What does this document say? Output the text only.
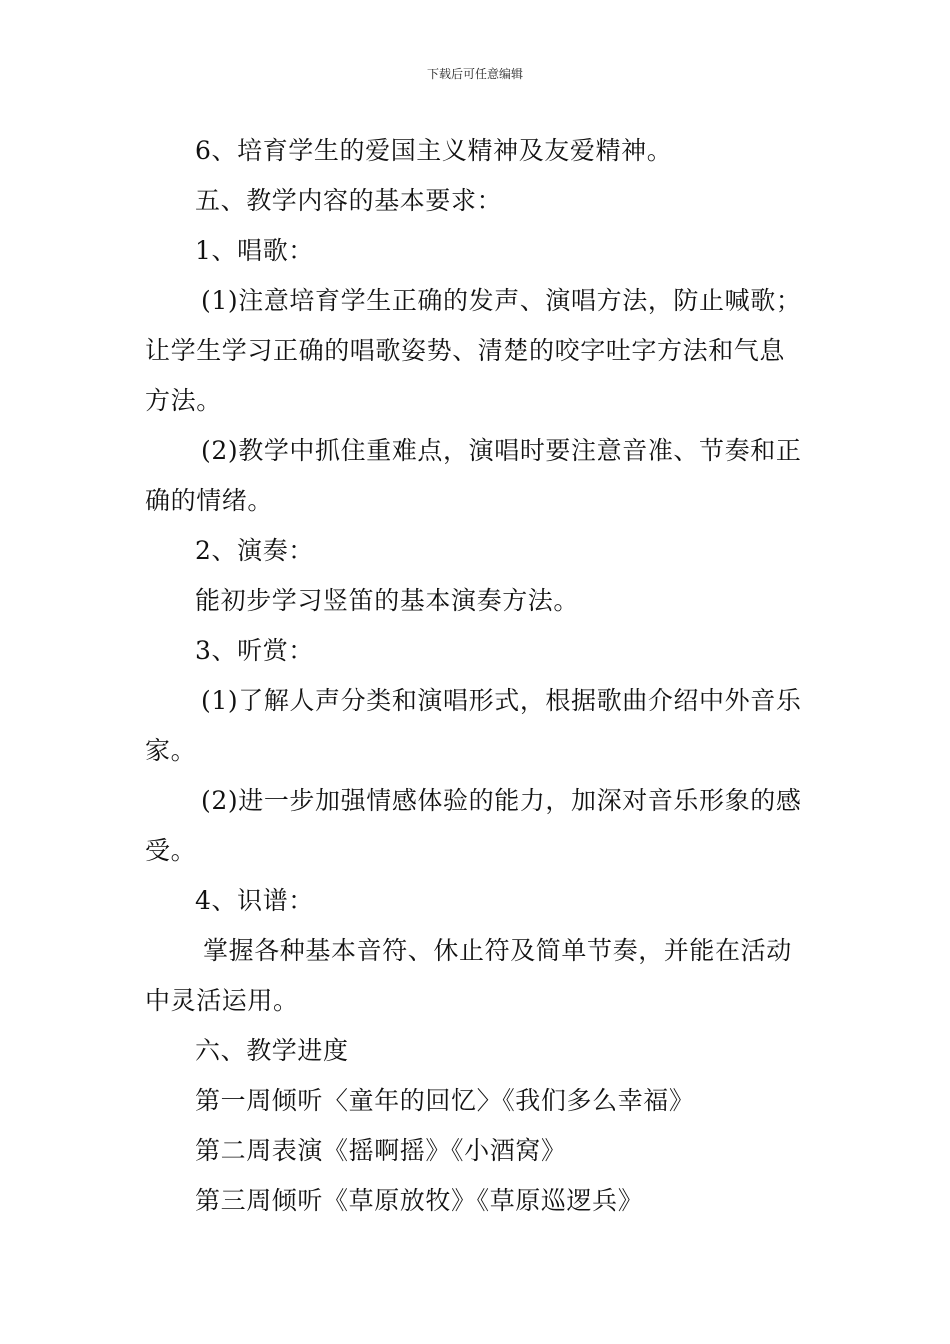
下载后可任意编辑

6、培育学生的爱国主义精神及友爱精神。

五、教学内容的基本要求：

1、唱歌：

(1)注意培育学生正确的发声、演唱方法，防止喊歌；让学生学习正确的唱歌姿势、清楚的咬字吐字方法和气息方法。

(2)教学中抓住重难点，演唱时要注意音准、节奏和正确的情绪。

2、演奏：

能初步学习竖笛的基本演奏方法。

3、听赏：

(1)了解人声分类和演唱形式，根据歌曲介绍中外音乐家。

(2)进一步加强情感体验的能力，加深对音乐形象的感受。

4、识谱：

掌握各种基本音符、休止符及简单节奏，并能在活动中灵活运用。

六、教学进度

第一周倾听〈童年的回忆〉《我们多么幸福》

第二周表演《摇啊摇》《小酒窝》

第三周倾听《草原放牧》《草原巡逻兵》
